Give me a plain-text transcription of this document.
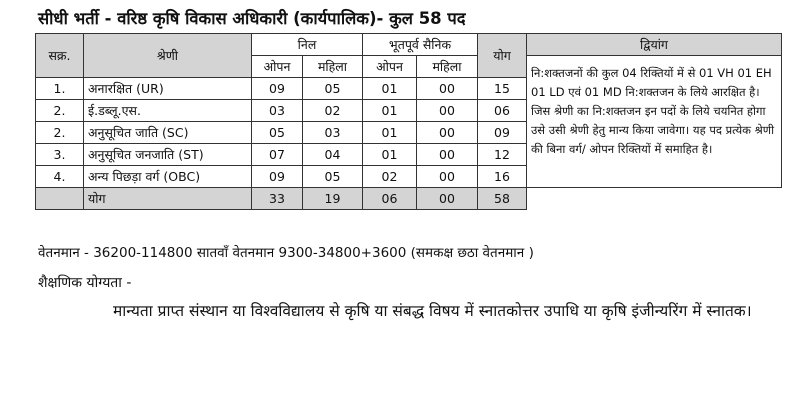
सीधी भर्ती - वरिष्ठ कृषि विकास अधिकारी (कार्यपालिक)- कुल 58 पद
सक्र.	श्रेणी	निल		भूतपूर्व सैनिक		योग	द्वियांग
		ओपन	महिला	ओपन	महिला		नि:शक्तजनों की कुल 04 रिक्तियों में से 01 VH 01 EH 01 LD एवं 01 MD नि:शक्तजन के लिये आरक्षित है। जिस श्रेणी का नि:शक्तजन इन पदों के लिये चयनित होगा उसे उसी श्रेणी हेतु मान्य किया जावेगा। यह पद प्रत्येक श्रेणी की बिना वर्ग/ ओपन रिक्तियों में समाहित है।
1.	अनारक्षित (UR)	09	05	01	00	15	
2.	ई.डब्लू.एस.	03	02	01	00	06	
2.	अनुसूचित जाति (SC)	05	03	01	00	09	
3.	अनुसूचित जनजाति (ST)	07	04	01	00	12	
4.	अन्य पिछड़ा वर्ग (OBC)	09	05	02	00	16	
	योग	33	19	06	00	58	
वेतनमान - 36200-114800 सातवाँ वेतनमान 9300-34800+3600 (समकक्ष छठा वेतनमान )
शैक्षणिक योग्यता -
मान्यता प्राप्त संस्थान या विश्वविद्यालय से कृषि या संबद्ध विषय में स्नातकोत्तर उपाधि या कृषि इंजीन्यरिंग में स्नातक।
